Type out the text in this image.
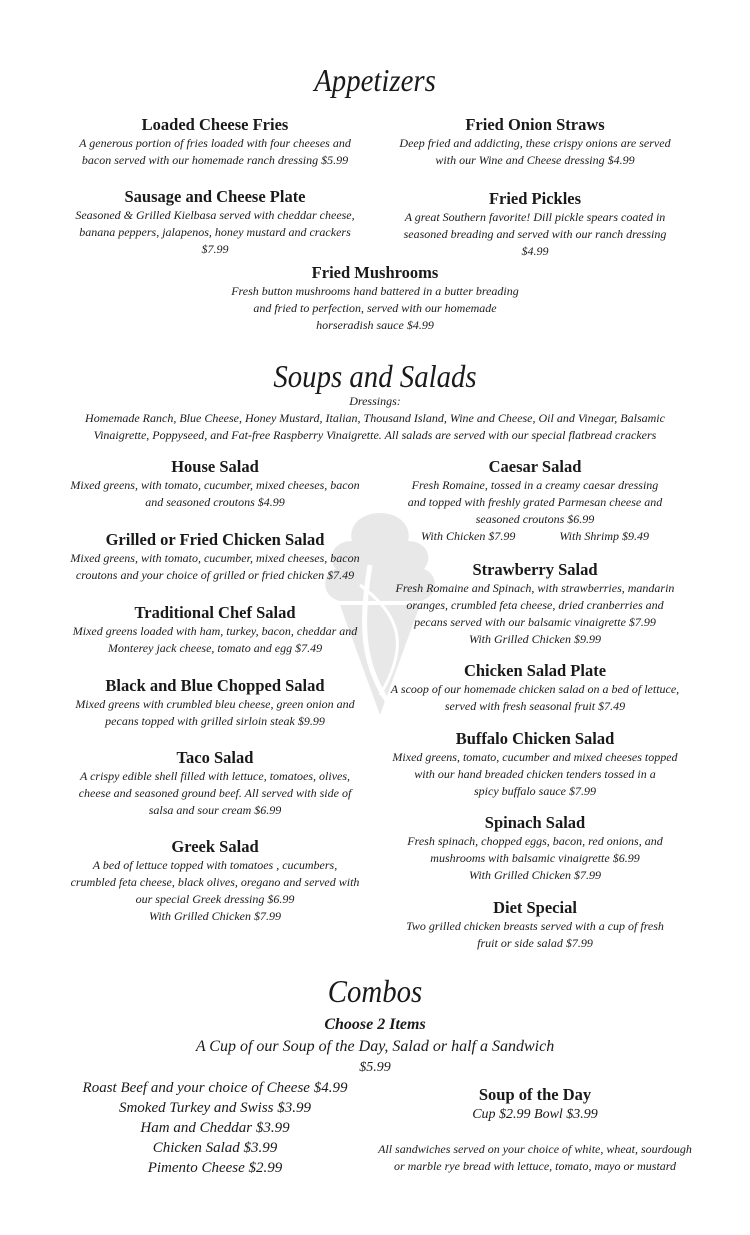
Appetizers
Loaded Cheese Fries
A generous portion of fries loaded with four cheeses and
bacon served with our homemade ranch dressing $5.99
Fried Onion Straws
Deep fried and addicting, these crispy onions are served
with our Wine and Cheese dressing $4.99
Sausage and Cheese Plate
Seasoned & Grilled Kielbasa served with cheddar cheese,
banana peppers, jalapenos, honey mustard and crackers
$7.99
Fried Pickles
A great Southern favorite! Dill pickle spears coated in
seasoned breading and served with our ranch dressing
$4.99
Fried Mushrooms
Fresh button mushrooms hand battered in a butter breading
and fried to perfection, served with our homemade
horseradish sauce $4.99
Soups and Salads
Dressings:
Homemade Ranch, Blue Cheese, Honey Mustard, Italian, Thousand Island, Wine and Cheese, Oil and Vinegar, Balsamic
Vinaigrette, Poppyseed, and Fat-free Raspberry Vinaigrette. All salads are served with our special flatbread crackers
House Salad
Mixed greens, with tomato, cucumber, mixed cheeses, bacon
and seasoned croutons $4.99
Grilled or Fried Chicken Salad
Mixed greens, with tomato, cucumber, mixed cheeses, bacon
croutons and your choice of grilled or fried chicken $7.49
Traditional Chef Salad
Mixed greens loaded with ham, turkey, bacon, cheddar and
Monterey jack cheese, tomato and egg $7.49
Black and Blue Chopped Salad
Mixed greens with crumbled bleu cheese, green onion and
pecans topped with grilled sirloin steak $9.99
Taco Salad
A crispy edible shell filled with lettuce, tomatoes, olives,
cheese and seasoned ground beef. All served with side of
salsa and sour cream $6.99
Greek Salad
A bed of lettuce topped with tomatoes , cucumbers,
crumbled feta cheese, black olives, oregano and served with
our special Greek dressing $6.99
With Grilled Chicken $7.99
Caesar Salad
Fresh Romaine, tossed in a creamy caesar dressing
and topped with freshly grated Parmesan cheese and
seasoned croutons $6.99
With Chicken $7.99	With Shrimp $9.49
Strawberry Salad
Fresh Romaine and Spinach, with strawberries, mandarin
oranges, crumbled feta cheese, dried cranberries and
pecans served with our balsamic vinaigrette $7.99
With Grilled Chicken $9.99
Chicken Salad Plate
A scoop of our homemade chicken salad on a bed of lettuce,
served with fresh seasonal fruit $7.49
Buffalo Chicken Salad
Mixed greens, tomato, cucumber and mixed cheeses topped
with our hand breaded chicken tenders tossed in a
spicy buffalo sauce $7.99
Spinach Salad
Fresh spinach, chopped eggs, bacon, red onions, and
mushrooms with balsamic vinaigrette $6.99
With Grilled Chicken $7.99
Diet Special
Two grilled chicken breasts served with a cup of fresh
fruit or side salad $7.99
Combos
Choose 2 Items
A Cup of our Soup of the Day, Salad or half a Sandwich
$5.99
Roast Beef and your choice of Cheese $4.99
Smoked Turkey and Swiss $3.99
Ham and Cheddar $3.99
Chicken Salad $3.99
Pimento Cheese $2.99
Soup of the Day
Cup $2.99 Bowl $3.99
All sandwiches served on your choice of white, wheat, sourdough
or marble rye bread with lettuce, tomato, mayo or mustard
